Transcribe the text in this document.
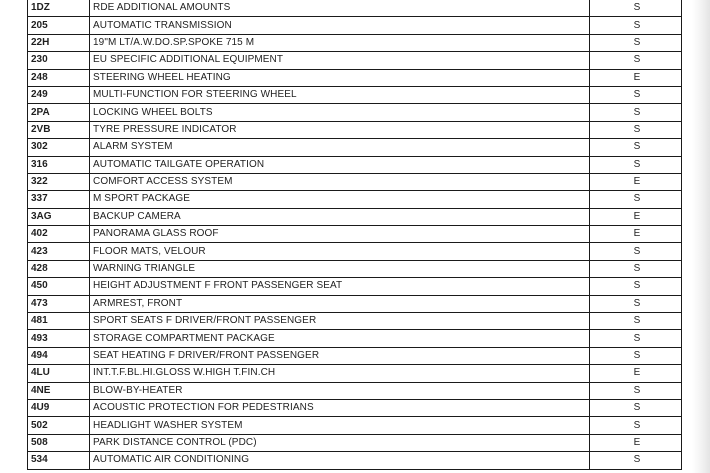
1DZ	RDE ADDITIONAL AMOUNTS	S
205	AUTOMATIC TRANSMISSION	S
22H	19"M LT/A.W.DO.SP.SPOKE 715 M	S
230	EU SPECIFIC ADDITIONAL EQUIPMENT	S
248	STEERING WHEEL HEATING	E
249	MULTI-FUNCTION FOR STEERING WHEEL	S
2PA	LOCKING WHEEL BOLTS	S
2VB	TYRE PRESSURE INDICATOR	S
302	ALARM SYSTEM	S
316	AUTOMATIC TAILGATE OPERATION	S
322	COMFORT ACCESS SYSTEM	E
337	M SPORT PACKAGE	S
3AG	BACKUP CAMERA	E
402	PANORAMA GLASS ROOF	E
423	FLOOR MATS, VELOUR	S
428	WARNING TRIANGLE	S
450	HEIGHT ADJUSTMENT F FRONT PASSENGER SEAT	S
473	ARMREST, FRONT	S
481	SPORT SEATS F DRIVER/FRONT PASSENGER	S
493	STORAGE COMPARTMENT PACKAGE	S
494	SEAT HEATING F DRIVER/FRONT PASSENGER	S
4LU	INT.T.F.BL.HI.GLOSS W.HIGH T.FIN.CH	E
4NE	BLOW-BY-HEATER	S
4U9	ACOUSTIC PROTECTION FOR PEDESTRIANS	S
502	HEADLIGHT WASHER SYSTEM	S
508	PARK DISTANCE CONTROL (PDC)	E
534	AUTOMATIC AIR CONDITIONING	S
